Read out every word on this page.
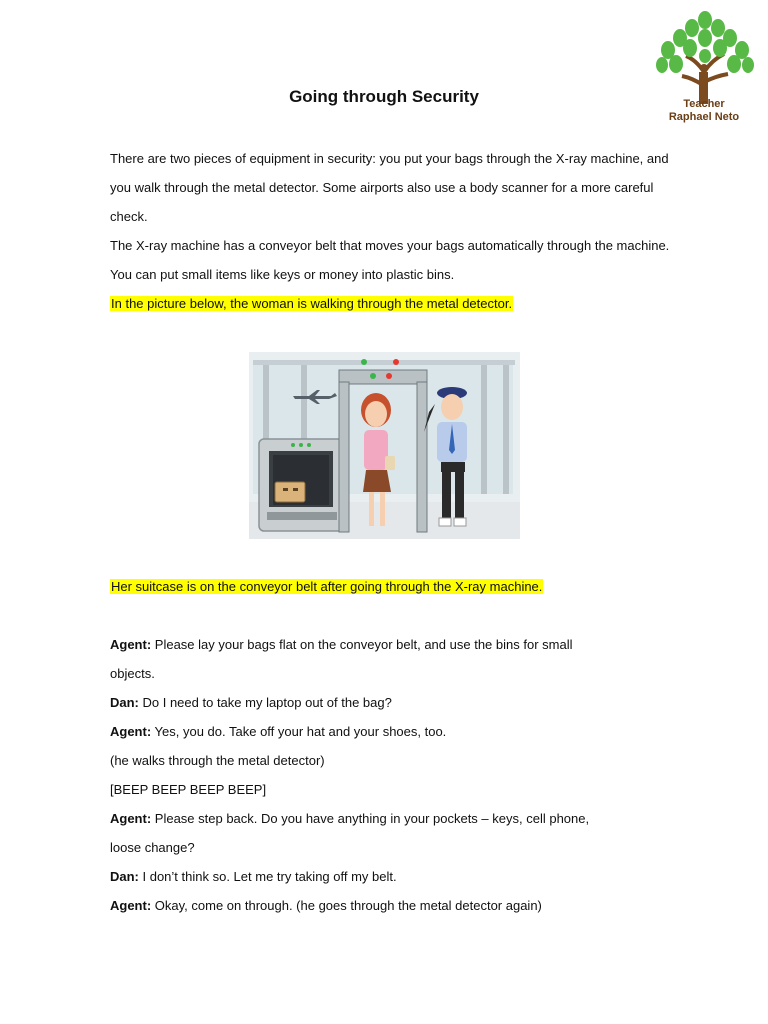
Teacher
Raphael Neto
Going through Security

There are two pieces of equipment in security: you put your bags through the X-ray machine, and you walk through the metal detector. Some airports also use a body scanner for a more careful check.
The X-ray machine has a conveyor belt that moves your bags automatically through the machine. You can put small items like keys or money into plastic bins.
In the picture below, the woman is walking through the metal detector.

Her suitcase is on the conveyor belt after going through the X-ray machine.
Agent: Please lay your bags flat on the conveyor belt, and use the bins for small
objects.
Dan: Do I need to take my laptop out of the bag?
Agent: Yes, you do. Take off your hat and your shoes, too.
(he walks through the metal detector)
[BEEP BEEP BEEP BEEP]
Agent: Please step back. Do you have anything in your pockets – keys, cell phone,
loose change?
Dan: I don’t think so. Let me try taking off my belt.
Agent: Okay, come on through. (he goes through the metal detector again)
